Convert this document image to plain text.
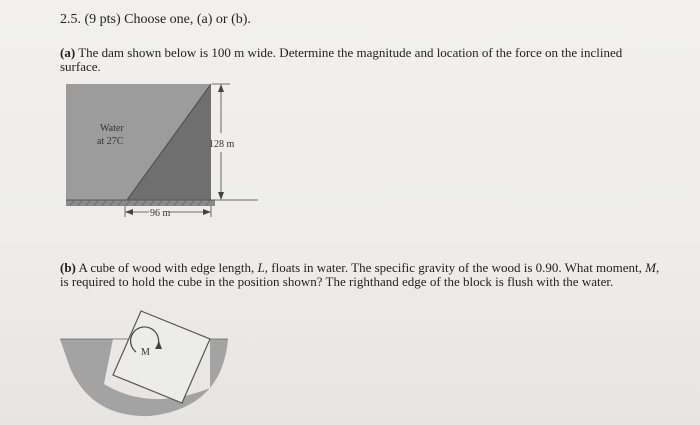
2.5. (9 pts) Choose one, (a) or (b).

(a) The dam shown below is 100 m wide. Determine the magnitude and location of the force on the inclined surface.

Water
at 27C	128 m
96 m
M

(b) A cube of wood with edge length, L, floats in water. The specific gravity of the wood is 0.90. What moment, M, is required to hold the cube in the position shown? The righthand edge of the block is flush with the water.
